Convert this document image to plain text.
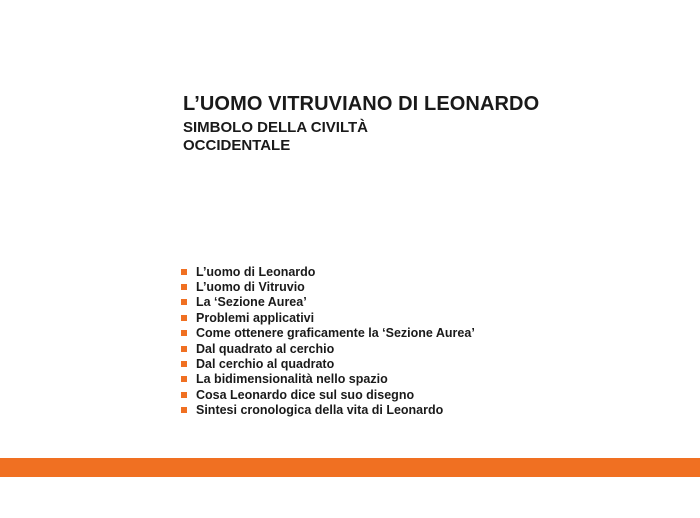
L’UOMO VITRUVIANO DI LEONARDO
SIMBOLO DELLA CIVILTÀ
OCCIDENTALE
L’uomo di Leonardo
L’uomo di Vitruvio
La ‘Sezione Aurea’
Problemi applicativi
Come ottenere graficamente la ‘Sezione Aurea’
Dal quadrato al cerchio
Dal cerchio al quadrato
La bidimensionalità nello spazio
Cosa Leonardo dice sul suo disegno
Sintesi cronologica della vita di Leonardo
